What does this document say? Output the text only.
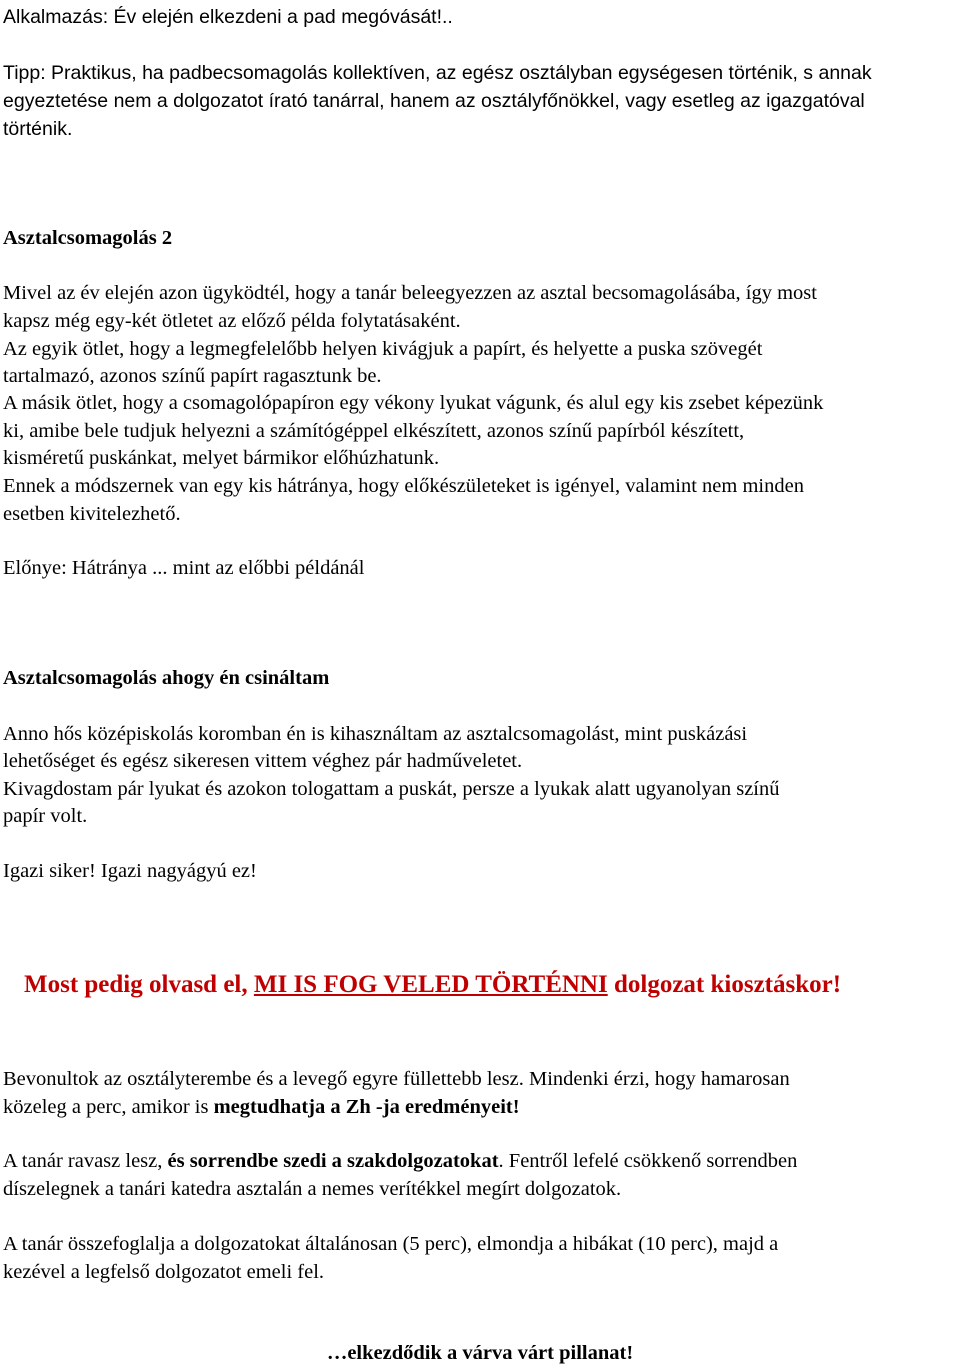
Alkalmazás: Év elején elkezdeni a pad megóvását!..
Tipp: Praktikus, ha padbecsomagolás kollektíven, az egész osztályban egységesen történik, s annak
egyeztetése nem a dolgozatot írató tanárral, hanem az osztályfőnökkel, vagy esetleg az igazgatóval
történik.
Asztalcsomagolás 2
Mivel az év elején azon ügyködtél, hogy a tanár beleegyezzen az asztal becsomagolásába, így most
kapsz még egy-két ötletet az előző példa folytatásaként.
Az egyik ötlet, hogy a legmegfelelőbb helyen kivágjuk a papírt, és helyette a puska szövegét
tartalmazó, azonos színű papírt ragasztunk be.
A másik ötlet, hogy a csomagolópapíron egy vékony lyukat vágunk, és alul egy kis zsebet képezünk
ki, amibe bele tudjuk helyezni a számítógéppel elkészített, azonos színű papírból készített,
kisméretű puskánkat, melyet bármikor előhúzhatunk.
Ennek a módszernek van egy kis hátránya, hogy előkészületeket is igényel, valamint nem minden
esetben kivitelezhető.
Előnye: Hátránya ... mint az előbbi példánál
Asztalcsomagolás ahogy én csináltam
Anno hős középiskolás koromban én is kihasználtam az asztalcsomagolást, mint puskázási
lehetőséget és egész sikeresen vittem véghez pár hadműveletet.
Kivagdostam pár lyukat és azokon tologattam a puskát, persze a lyukak alatt ugyanolyan színű
papír volt.
Igazi siker! Igazi nagyágyú ez!
Most pedig olvasd el, MI IS FOG VELED TÖRTÉNNI dolgozat kiosztáskor!
Bevonultok az osztályterembe és a levegő egyre füllettebb lesz. Mindenki érzi, hogy hamarosan
közeleg a perc, amikor is megtudhatja a Zh -ja eredményeit!
A tanár ravasz lesz, és sorrendbe szedi a szakdolgozatokat. Fentről lefelé csökkenő sorrendben
díszelegnek a tanári katedra asztalán a nemes verítékkel megírt dolgozatok.
A tanár összefoglalja a dolgozatokat általánosan (5 perc), elmondja a hibákat (10 perc), majd a
kezével a legfelső dolgozatot emeli fel.
…elkezdődik a várva várt pillanat!
